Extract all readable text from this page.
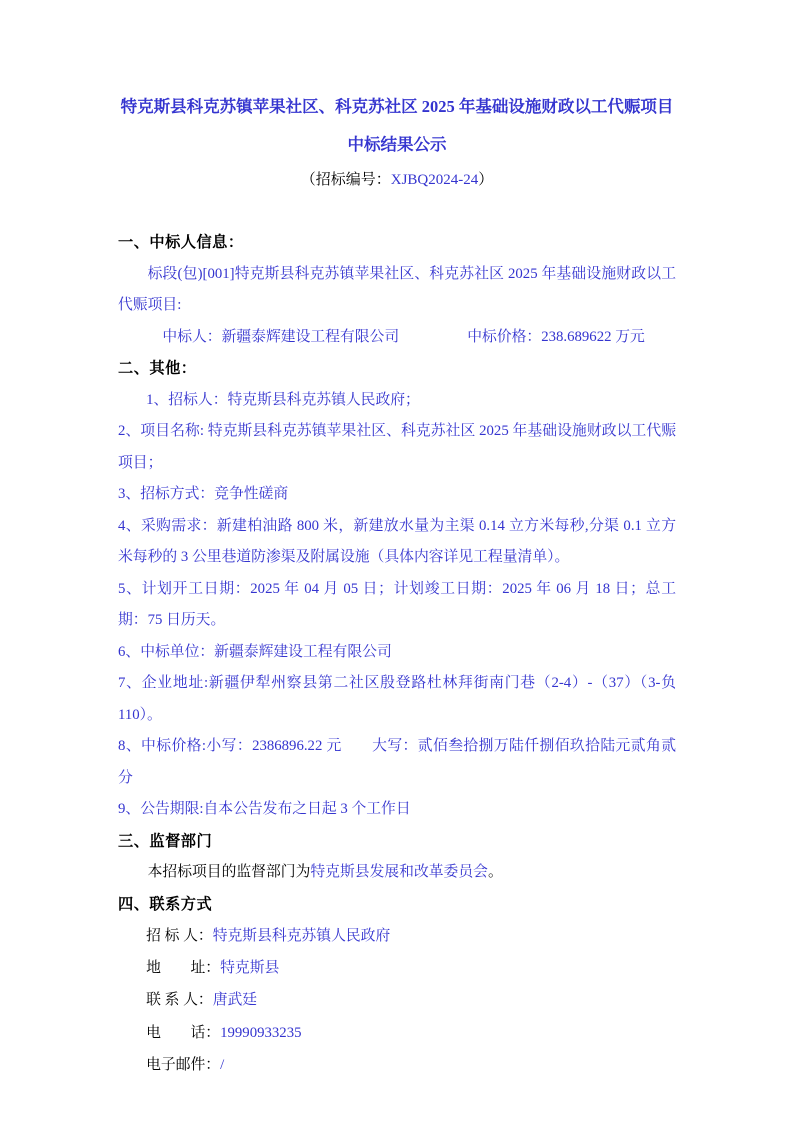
特克斯县科克苏镇苹果社区、科克苏社区 2025 年基础设施财政以工代赈项目中标结果公示
（招标编号：XJBQ2024-24）
一、中标人信息：
标段(包)[001]特克斯县科克苏镇苹果社区、科克苏社区 2025 年基础设施财政以工代赈项目:
中标人：新疆泰辉建设工程有限公司	中标价格：238.689622 万元
二、其他：
1、招标人：特克斯县科克苏镇人民政府；
2、项目名称: 特克斯县科克苏镇苹果社区、科克苏社区 2025 年基础设施财政以工代赈项目；
3、招标方式：竞争性磋商
4、采购需求：新建柏油路 800 米，新建放水量为主渠 0.14 立方米每秒,分渠 0.1 立方米每秒的 3 公里巷道防渗渠及附属设施（具体内容详见工程量清单）。
5、计划开工日期：2025 年 04 月 05 日；计划竣工日期：2025 年 06 月 18 日；总工期：75 日历天。
6、中标单位：新疆泰辉建设工程有限公司
7、企业地址:新疆伊犁州察县第二社区殷登路杜林拜街南门巷（2-4）-（37）（3-负 110）。
8、中标价格:小写：2386896.22 元　　大写：贰佰叁拾捌万陆仟捌佰玖拾陆元贰角贰分
9、公告期限:自本公告发布之日起 3 个工作日
三、监督部门
本招标项目的监督部门为特克斯县发展和改革委员会。
四、联系方式
招 标 人：特克斯县科克苏镇人民政府
地　　址：特克斯县
联 系 人：唐武廷
电　　话：19990933235
电子邮件：/
